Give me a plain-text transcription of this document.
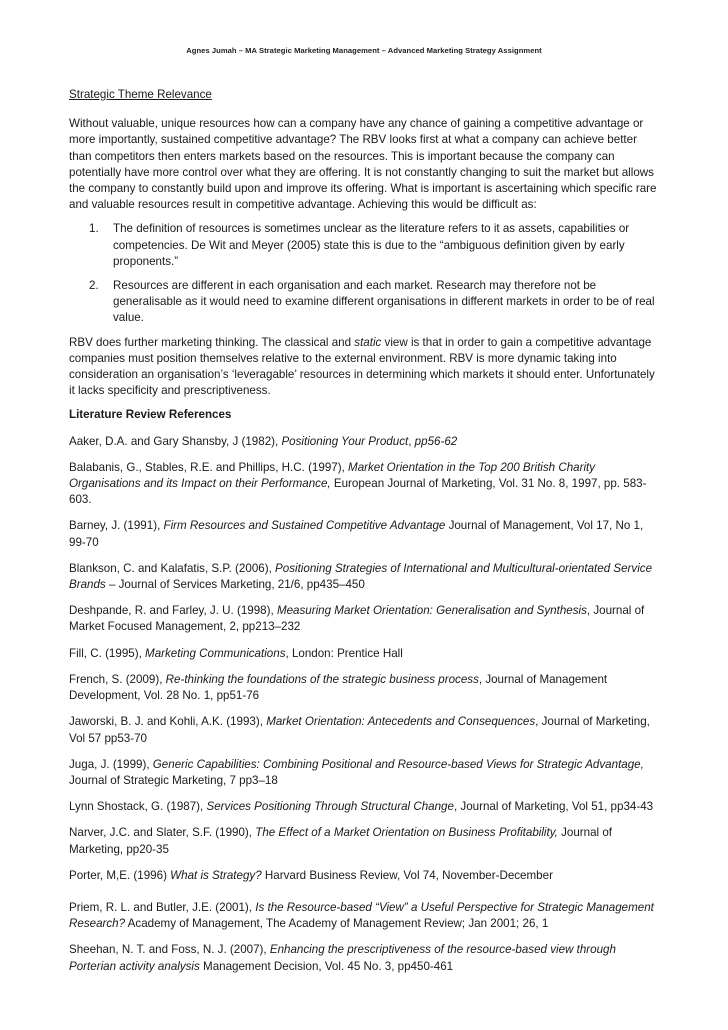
Agnes Jumah – MA Strategic Marketing Management – Advanced Marketing Strategy Assignment

Strategic Theme Relevance

Without valuable, unique resources how can a company have any chance of gaining a competitive advantage or more importantly, sustained competitive advantage? The RBV looks first at what a company can achieve better than competitors then enters markets based on the resources. This is important because the company can potentially have more control over what they are offering. It is not constantly changing to suit the market but allows the company to constantly build upon and improve its offering. What is important is ascertaining which specific rare and valuable resources result in competitive advantage. Achieving this would be difficult as:

1. The definition of resources is sometimes unclear as the literature refers to it as assets, capabilities or competencies. De Wit and Meyer (2005) state this is due to the “ambiguous definition given by early proponents.”
2. Resources are different in each organisation and each market. Research may therefore not be generalisable as it would need to examine different organisations in different markets in order to be of real value.

RBV does further marketing thinking. The classical and static view is that in order to gain a competitive advantage companies must position themselves relative to the external environment. RBV is more dynamic taking into consideration an organisation’s ‘leveragable’ resources in determining which markets it should enter. Unfortunately it lacks specificity and prescriptiveness.

Literature Review References

Aaker, D.A. and Gary Shansby, J (1982), Positioning Your Product, pp56-62

Balabanis, G., Stables, R.E. and Phillips, H.C. (1997), Market Orientation in the Top 200 British Charity Organisations and its Impact on their Performance, European Journal of Marketing, Vol. 31 No. 8, 1997, pp. 583-603.

Barney, J. (1991), Firm Resources and Sustained Competitive Advantage Journal of Management, Vol 17, No 1, 99-70

Blankson, C. and Kalafatis, S.P. (2006), Positioning Strategies of International and Multicultural-orientated Service Brands – Journal of Services Marketing, 21/6, pp435–450

Deshpande, R. and Farley, J. U. (1998), Measuring Market Orientation: Generalisation and Synthesis, Journal of Market Focused Management, 2, pp213–232

Fill, C. (1995), Marketing Communications, London: Prentice Hall

French, S. (2009), Re-thinking the foundations of the strategic business process, Journal of Management Development, Vol. 28 No. 1, pp51-76

Jaworski, B. J. and Kohli, A.K. (1993), Market Orientation: Antecedents and Consequences, Journal of Marketing, Vol 57 pp53-70

Juga, J. (1999), Generic Capabilities: Combining Positional and Resource-based Views for Strategic Advantage, Journal of Strategic Marketing, 7 pp3–18

Lynn Shostack, G. (1987), Services Positioning Through Structural Change, Journal of Marketing, Vol 51, pp34-43

Narver, J.C. and Slater, S.F. (1990), The Effect of a Market Orientation on Business Profitability, Journal of Marketing, pp20-35

Porter, M,E. (1996) What is Strategy? Harvard Business Review, Vol 74, November-December

Priem, R. L. and Butler, J.E. (2001), Is the Resource-based “View” a Useful Perspective for Strategic Management Research? Academy of Management, The Academy of Management Review; Jan 2001; 26, 1

Sheehan, N. T. and Foss, N. J. (2007), Enhancing the prescriptiveness of the resource-based view through Porterian activity analysis Management Decision, Vol. 45 No. 3, pp450-461
